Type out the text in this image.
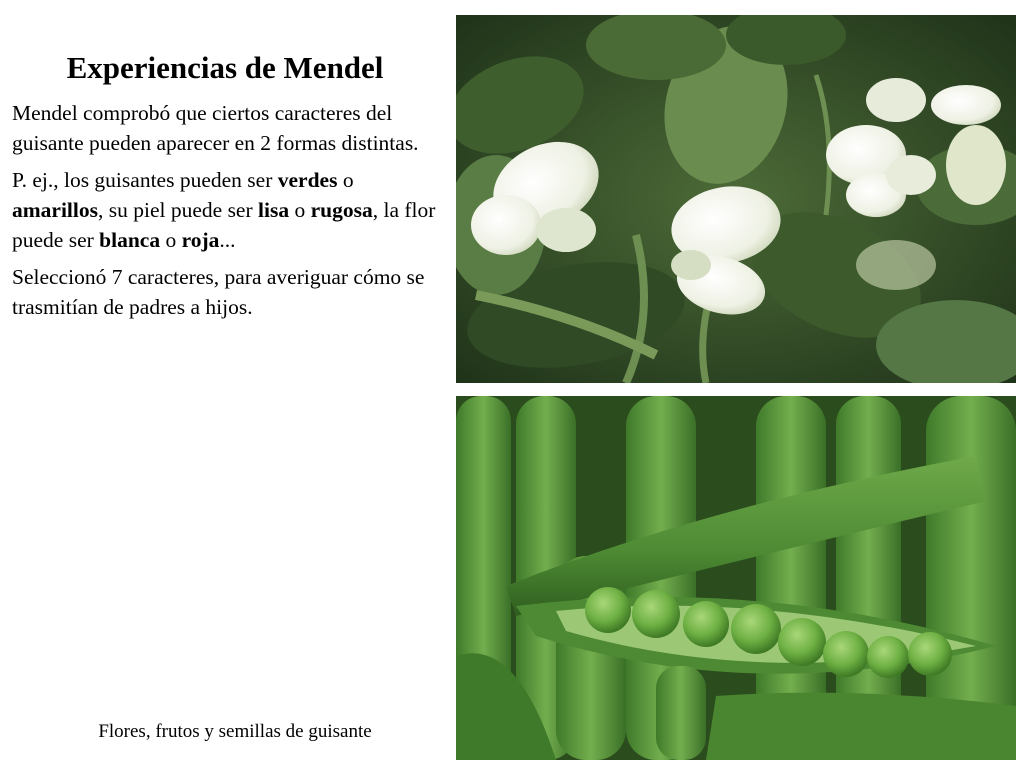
Experiencias de Mendel

Mendel comprobó que ciertos caracteres del guisante pueden aparecer en 2 formas distintas.

P. ej., los guisantes pueden ser verdes o amarillos, su piel puede ser lisa o rugosa, la flor puede ser blanca o roja...

Seleccionó 7 caracteres, para averiguar cómo se trasmitían de padres a hijos.

Flores, frutos y semillas de guisante
